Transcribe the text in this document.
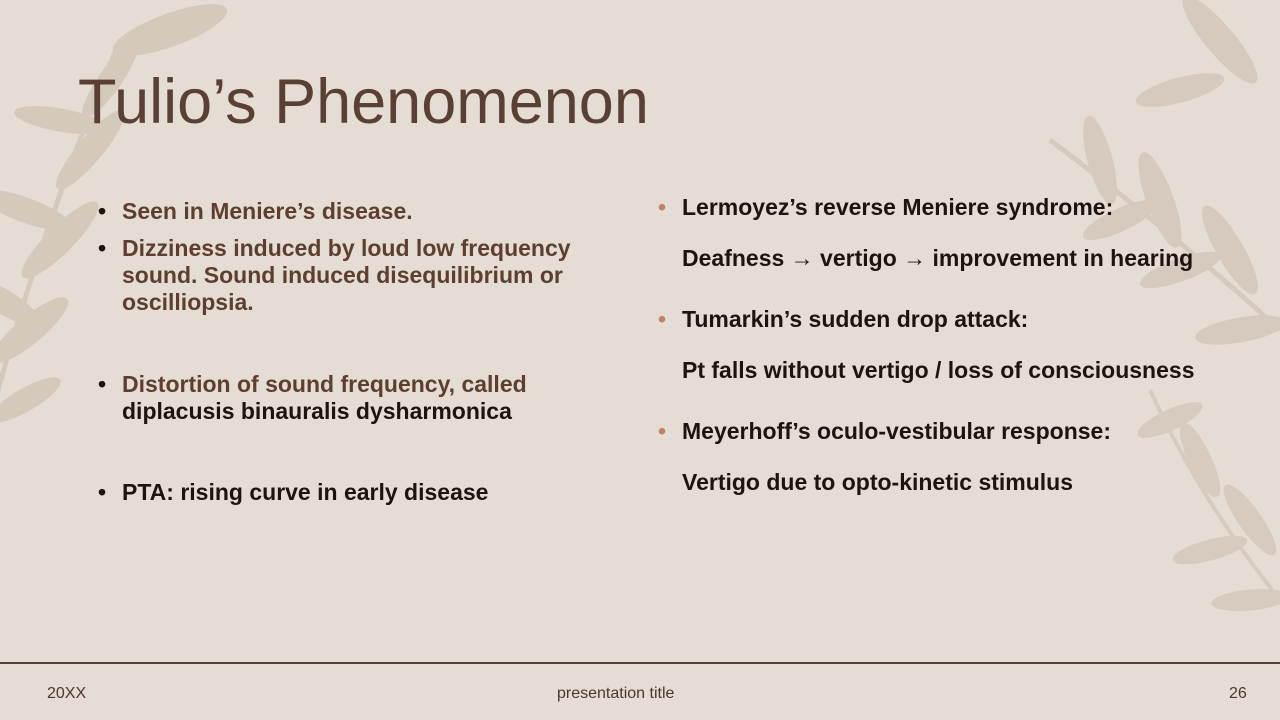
Tulio’s Phenomenon
• Seen in Meniere’s disease.
• Dizziness induced by loud low frequency sound. Sound induced disequilibrium or oscilliopsia.
• Distortion of sound frequency, called
diplacusis binauralis dysharmonica
• PTA: rising curve in early disease
• Lermoyez’s reverse Meniere syndrome:
Deafness → vertigo → improvement in hearing
• Tumarkin’s sudden drop attack:
Pt falls without vertigo / loss of consciousness
• Meyerhoff’s oculo-vestibular response:
Vertigo due to opto-kinetic stimulus
20XX	presentation title	26
